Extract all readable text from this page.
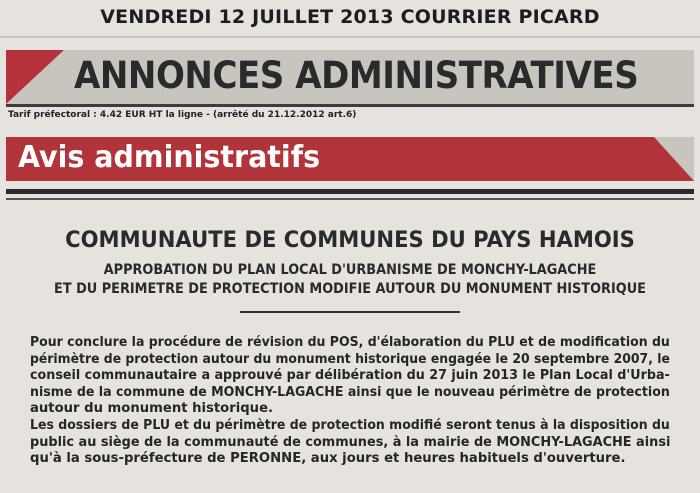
VENDREDI 12 JUILLET 2013 COURRIER PICARD
ANNONCES ADMINISTRATIVES
Tarif préfectoral : 4.42 EUR HT la ligne - (arrêté du 21.12.2012 art.6)
Avis administratifs
COMMUNAUTE DE COMMUNES DU PAYS HAMOIS
APPROBATION DU PLAN LOCAL D'URBANISME DE MONCHY-LAGACHE
ET DU PERIMETRE DE PROTECTION MODIFIE AUTOUR DU MONUMENT HISTORIQUE
Pour conclure la procédure de révision du POS, d'élaboration du PLU et de modification du
périmètre de protection autour du monument historique engagée le 20 septembre 2007, le
conseil communautaire a approuvé par délibération du 27 juin 2013 le Plan Local d'Urba-
nisme de la commune de MONCHY-LAGACHE ainsi que le nouveau périmètre de protection
autour du monument historique.
Les dossiers de PLU et du périmètre de protection modifié seront tenus à la disposition du
public au siège de la communauté de communes, à la mairie de MONCHY-LAGACHE ainsi
qu'à la sous-préfecture de PERONNE, aux jours et heures habituels d'ouverture.
